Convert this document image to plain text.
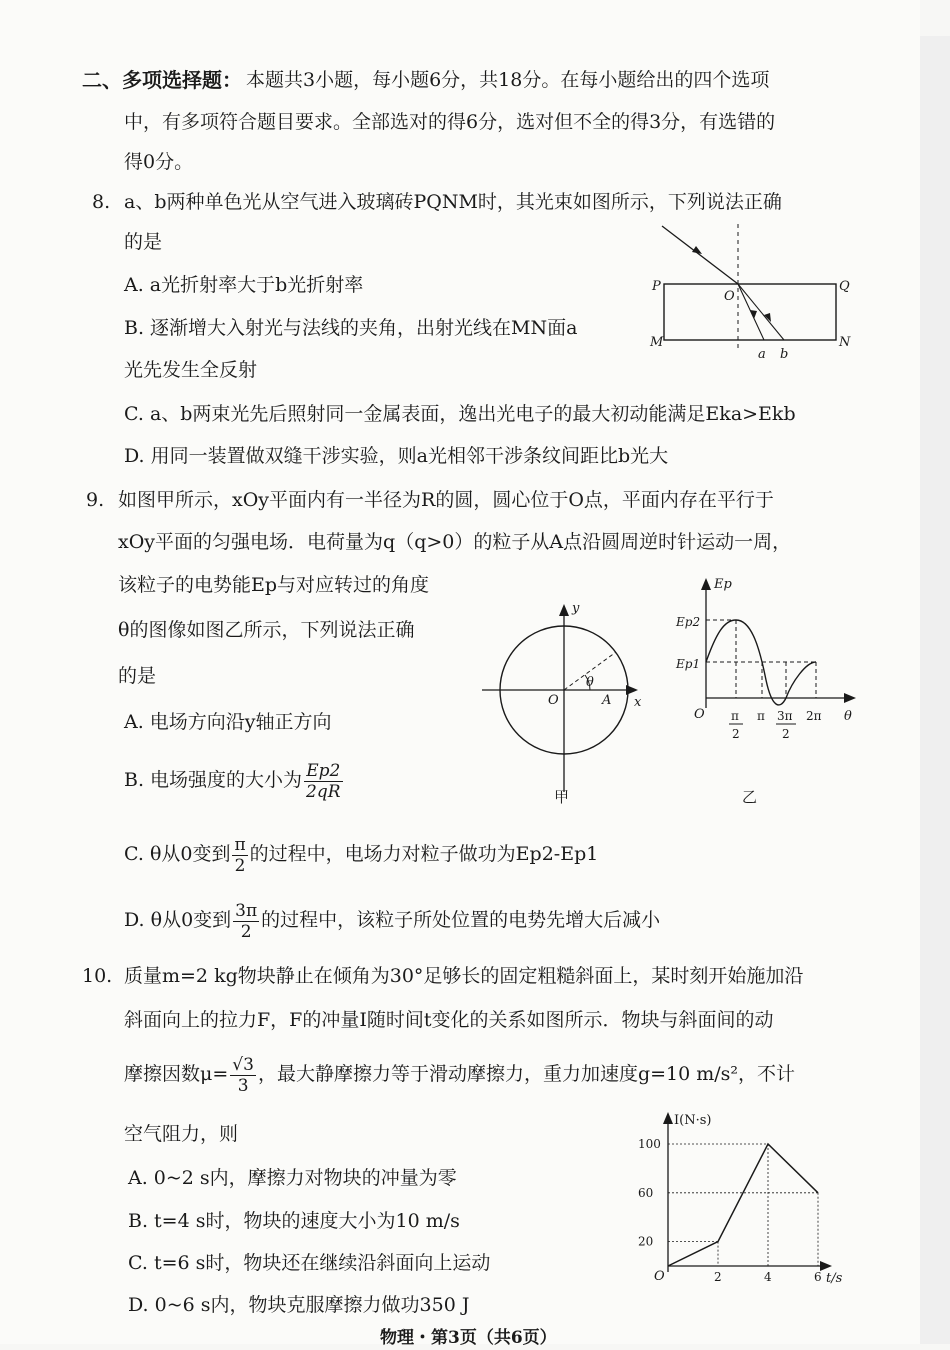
二、多项选择题： 本题共3小题，每小题6分，共18分。在每小题给出的四个选项
中，有多项符合题目要求。全部选对的得6分，选对但不全的得3分，有选错的
得0分。
8. a、b两种单色光从空气进入玻璃砖PQNM时，其光束如图所示，下列说法正确
的是
A. a光折射率大于b光折射率
B. 逐渐增大入射光与法线的夹角，出射光线在MN面a
光先发生全反射
C. a、b两束光先后照射同一金属表面，逸出光电子的最大初动能满足Eka>Ekb
D. 用同一装置做双缝干涉实验，则a光相邻干涉条纹间距比b光大
P	Q
M	N
O
a b
9. 如图甲所示，xOy平面内有一半径为R的圆，圆心位于O点，平面内存在平行于
xOy平面的匀强电场．电荷量为q（q>0）的粒子从A点沿圆周逆时针运动一周，
该粒子的电势能Ep与对应转过的角度
θ的图像如图乙所示，下列说法正确
的是
A. 电场方向沿y轴正方向
B. 电场强度的大小为 $\frac{Ep2}{2qR}$
C. θ从0变到 $\frac{\pi}{2}$ 的过程中，电场力对粒子做功为Ep2-Ep1
D. θ从0变到 $\frac{3\pi}{2}$ 的过程中，该粒子所处位置的电势先增大后减小
y
x
O	A
θ
甲
Ep
Ep2
Ep1
O	θ
π
2
π 3π
2
2π
乙
10. 质量m=2 kg物块静止在倾角为30°足够长的固定粗糙斜面上，某时刻开始施加沿
斜面向上的拉力F，F的冲量I随时间t变化的关系如图所示．物块与斜面间的动
摩擦因数$\mu= \frac{√3}{3}$ ，最大静摩擦力等于滑动摩擦力，重力加速度g=10 m/s²，不计
空气阻力，则
A. 0~2 s内，摩擦力对物块的冲量为零
B. t=4 s时，物块的速度大小为10 m/s
C. t=6 s时，物块还在继续沿斜面向上运动
D. 0~6 s内，物块克服摩擦力做功350 J
I(N·s)
t/s
O
20
60
100
2	4	6
物理・第3页（共6页）
